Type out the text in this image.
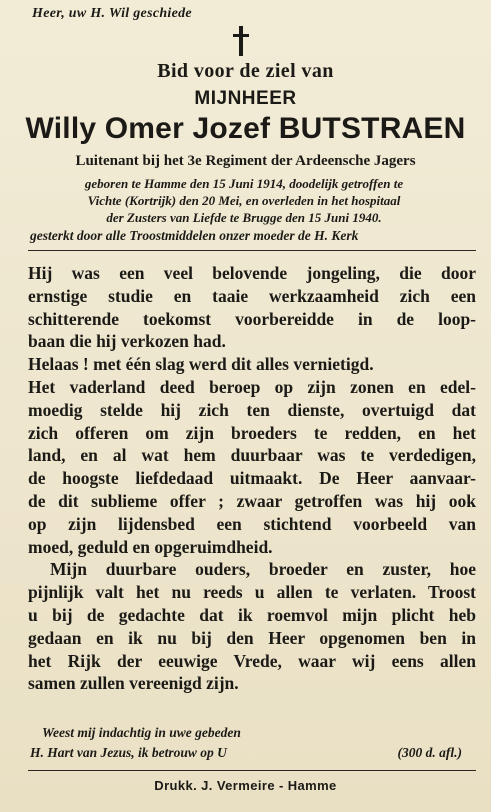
Heer, uw H. Wil geschiede
Bid voor de ziel van
MIJNHEER
Willy Omer Jozef BUTSTRAEN
Luitenant bij het 3e Regiment der Ardeensche Jagers
geboren te Hamme den 15 Juni 1914, doodelijk getroffen te
Vichte (Kortrijk) den 20 Mei, en overleden in het hospitaal
der Zusters van Liefde te Brugge den 15 Juni 1940.
gesterkt door alle Troostmiddelen onzer moeder de H. Kerk
Hij was een veel belovende jongeling, die door
ernstige studie en taaie werkzaamheid zich een
schitterende toekomst voorbereidde in de loop-
baan die hij verkozen had.
Helaas ! met één slag werd dit alles vernietigd.
Het vaderland deed beroep op zijn zonen en edel-
moedig stelde hij zich ten dienste, overtuigd dat
zich offeren om zijn broeders te redden, en het
land, en al wat hem duurbaar was te verdedigen,
de hoogste liefdedaad uitmaakt. De Heer aanvaar-
de dit sublieme offer ; zwaar getroffen was hij ook
op zijn lijdensbed een stichtend voorbeeld van
moed, geduld en opgeruimdheid.
Mijn duurbare ouders, broeder en zuster, hoe
pijnlijk valt het nu reeds u allen te verlaten. Troost
u bij de gedachte dat ik roemvol mijn plicht heb
gedaan en ik nu bij den Heer opgenomen ben in
het Rijk der eeuwige Vrede, waar wij eens allen
samen zullen vereenigd zijn.
Weest mij indachtig in uwe gebeden
H. Hart van Jezus, ik betrouw op U	(300 d. afl.)
Drukk. J. Vermeire - Hamme
